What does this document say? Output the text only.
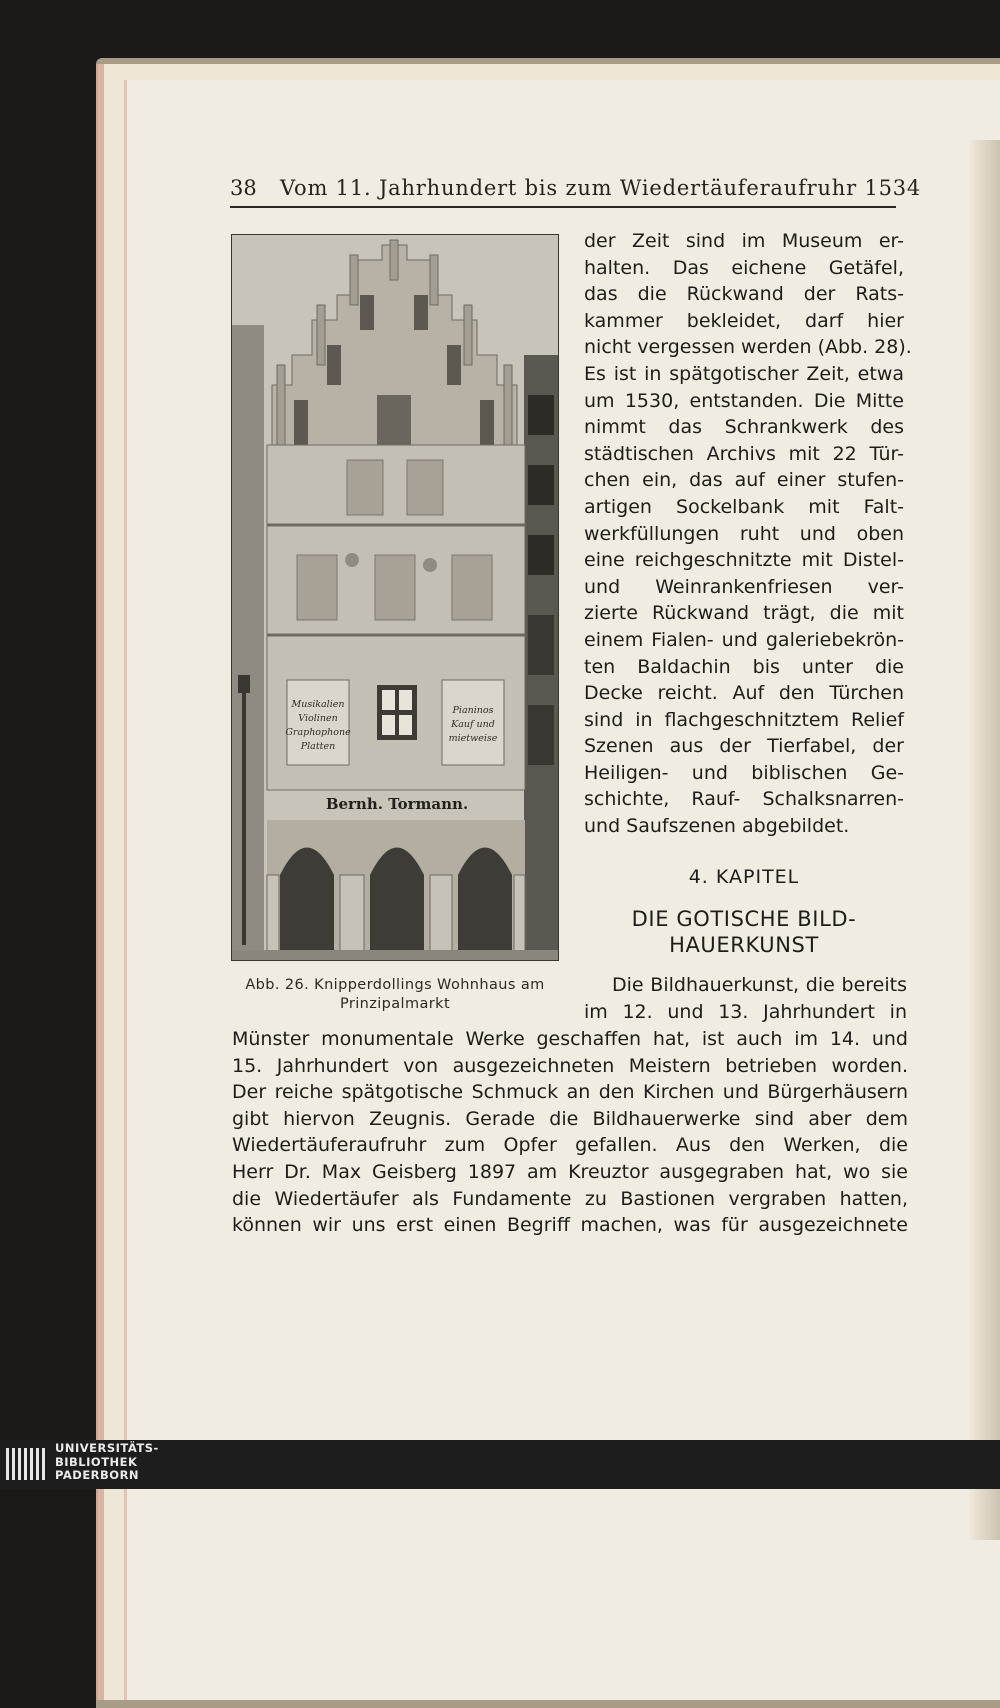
38 Vom 11. Jahrhundert bis zum Wiedertäuferaufruhr 1534
Musikalien
Violinen
Graphophone
Platten
Pianinos
Kauf und
mietweise
Bernh. Tormann.
Abb. 26. Knipperdollings Wohnhaus am
Prinzipalmarkt
der Zeit sind im Museum er-
halten. Das eichene Getäfel,
das die Rückwand der Rats-
kammer bekleidet, darf hier
nicht vergessen werden (Abb. 28).
Es ist in spätgotischer Zeit, etwa
um 1530, entstanden. Die Mitte
nimmt das Schrankwerk des
städtischen Archivs mit 22 Tür-
chen ein, das auf einer stufen-
artigen Sockelbank mit Falt-
werkfüllungen ruht und oben
eine reichgeschnitzte mit Distel-
und Weinrankenfriesen ver-
zierte Rückwand trägt, die mit
einem Fialen- und galeriebekrön-
ten Baldachin bis unter die
Decke reicht. Auf den Türchen
sind in flachgeschnitztem Relief
Szenen aus der Tierfabel, der
Heiligen- und biblischen Ge-
schichte, Rauf- Schalksnarren-
und Saufszenen abgebildet.
4. KAPITEL
DIE GOTISCHE BILD-
HAUERKUNST
Die Bildhauerkunst, die bereits
im 12. und 13. Jahrhundert in
Münster monumentale Werke geschaffen hat, ist auch im 14. und
15. Jahrhundert von ausgezeichneten Meistern betrieben worden.
Der reiche spätgotische Schmuck an den Kirchen und Bürgerhäusern
gibt hiervon Zeugnis. Gerade die Bildhauerwerke sind aber dem
Wiedertäuferaufruhr zum Opfer gefallen. Aus den Werken, die
Herr Dr. Max Geisberg 1897 am Kreuztor ausgegraben hat, wo sie
die Wiedertäufer als Fundamente zu Bastionen vergraben hatten,
können wir uns erst einen Begriff machen, was für ausgezeichnete
UNIVERSITÄTS-
BIBLIOTHEK
PADERBORN
